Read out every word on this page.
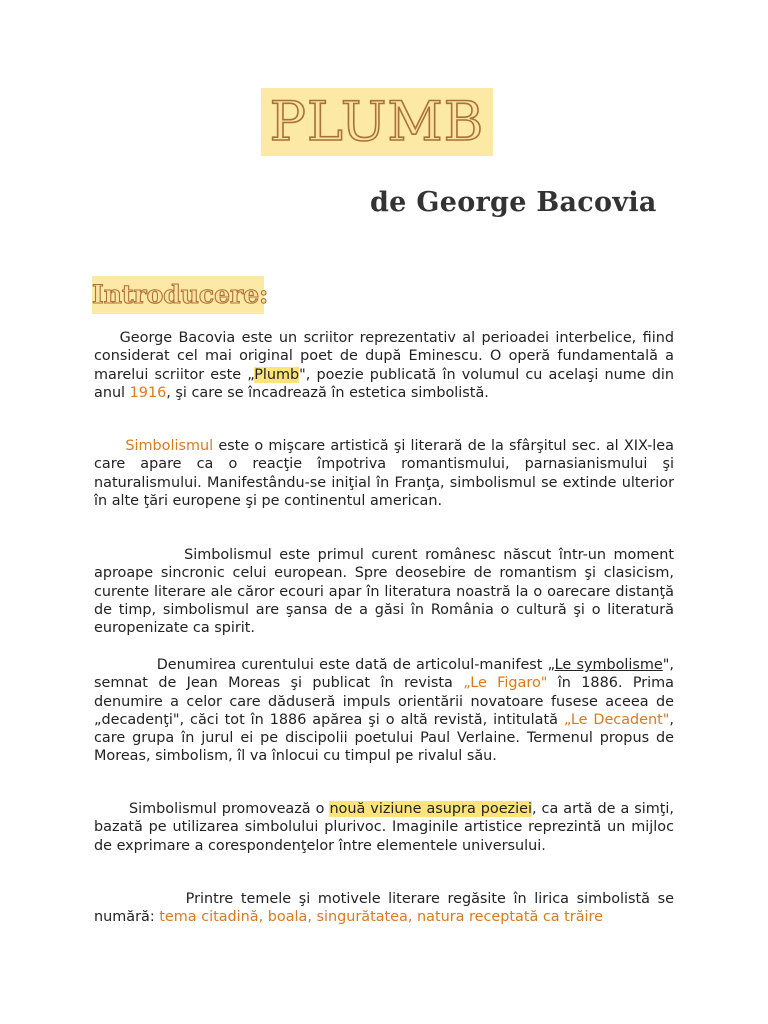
PLUMB
de George Bacovia
Introducere:

George Bacovia este un scriitor reprezentativ al perioadei interbelice, fiind considerat cel mai original poet de după Eminescu. O operă fundamentală a marelui scriitor este „Plumb", poezie publicată în volumul cu acelaşi nume din anul 1916, şi care se încadrează în estetica simbolistă.

Simbolismul este o mişcare artistică şi literară de la sfârşitul sec. al XIX-lea care apare ca o reacţie împotriva romantismului, parnasianismului şi naturalismului. Manifestându-se iniţial în Franţa, simbolismul se extinde ulterior în alte ţări europene şi pe continentul american.

Simbolismul este primul curent românesc născut într-un moment aproape sincronic celui european. Spre deosebire de romantism şi clasicism, curente literare ale căror ecouri apar în literatura noastră la o oarecare distanţă de timp, simbolismul are şansa de a găsi în România o cultură şi o literatură europenizate ca spirit.

Denumirea curentului este dată de articolul-manifest „Le symbolisme", semnat de Jean Moreas şi publicat în revista „Le Figaro" în 1886. Prima denumire a celor care dăduseră impuls orientării novatoare fusese aceea de „decadenţi", căci tot în 1886 apărea şi o altă revistă, intitulată „Le Decadent", care grupa în jurul ei pe discipolii poetului Paul Verlaine. Termenul propus de Moreas, simbolism, îl va înlocui cu timpul pe rivalul său.

Simbolismul promovează o nouă viziune asupra poeziei, ca artă de a simţi, bazată pe utilizarea simbolului plurivoc. Imaginile artistice reprezintă un mijloc de exprimare a corespondenţelor între elementele universului.

Printre temele şi motivele literare regăsite în lirica simbolistă se numără: tema citadină, boala, singurătatea, natura receptată ca trăire
